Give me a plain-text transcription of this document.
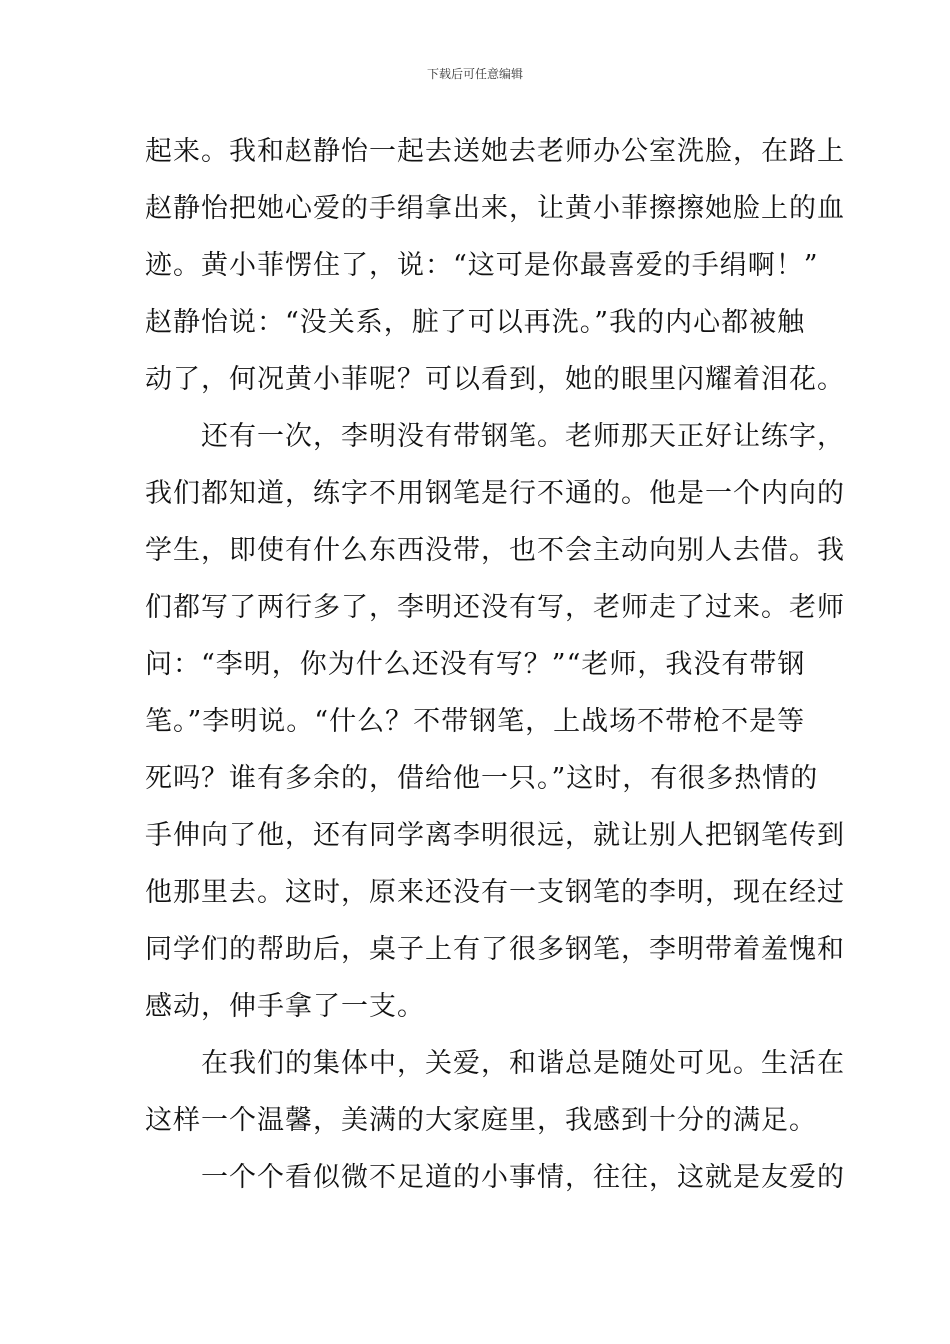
下载后可任意编辑
起来。我和赵静怡一起去送她去老师办公室洗脸，在路上
赵静怡把她心爱的手绢拿出来，让黄小菲擦擦她脸上的血
迹。黄小菲愣住了，说：“这可是你最喜爱的手绢啊！”
赵静怡说：“没关系，脏了可以再洗。”我的内心都被触
动了，何况黄小菲呢？可以看到，她的眼里闪耀着泪花。
　　还有一次，李明没有带钢笔。老师那天正好让练字，
我们都知道，练字不用钢笔是行不通的。他是一个内向的
学生，即使有什么东西没带，也不会主动向别人去借。我
们都写了两行多了，李明还没有写，老师走了过来。老师
问：“李明，你为什么还没有写？”“老师，我没有带钢
笔。”李明说。“什么？不带钢笔，上战场不带枪不是等
死吗？谁有多余的，借给他一只。”这时，有很多热情的
手伸向了他，还有同学离李明很远，就让别人把钢笔传到
他那里去。这时，原来还没有一支钢笔的李明，现在经过
同学们的帮助后，桌子上有了很多钢笔，李明带着羞愧和
感动，伸手拿了一支。
　　在我们的集体中，关爱，和谐总是随处可见。生活在
这样一个温馨，美满的大家庭里，我感到十分的满足。
　　一个个看似微不足道的小事情，往往，这就是友爱的
